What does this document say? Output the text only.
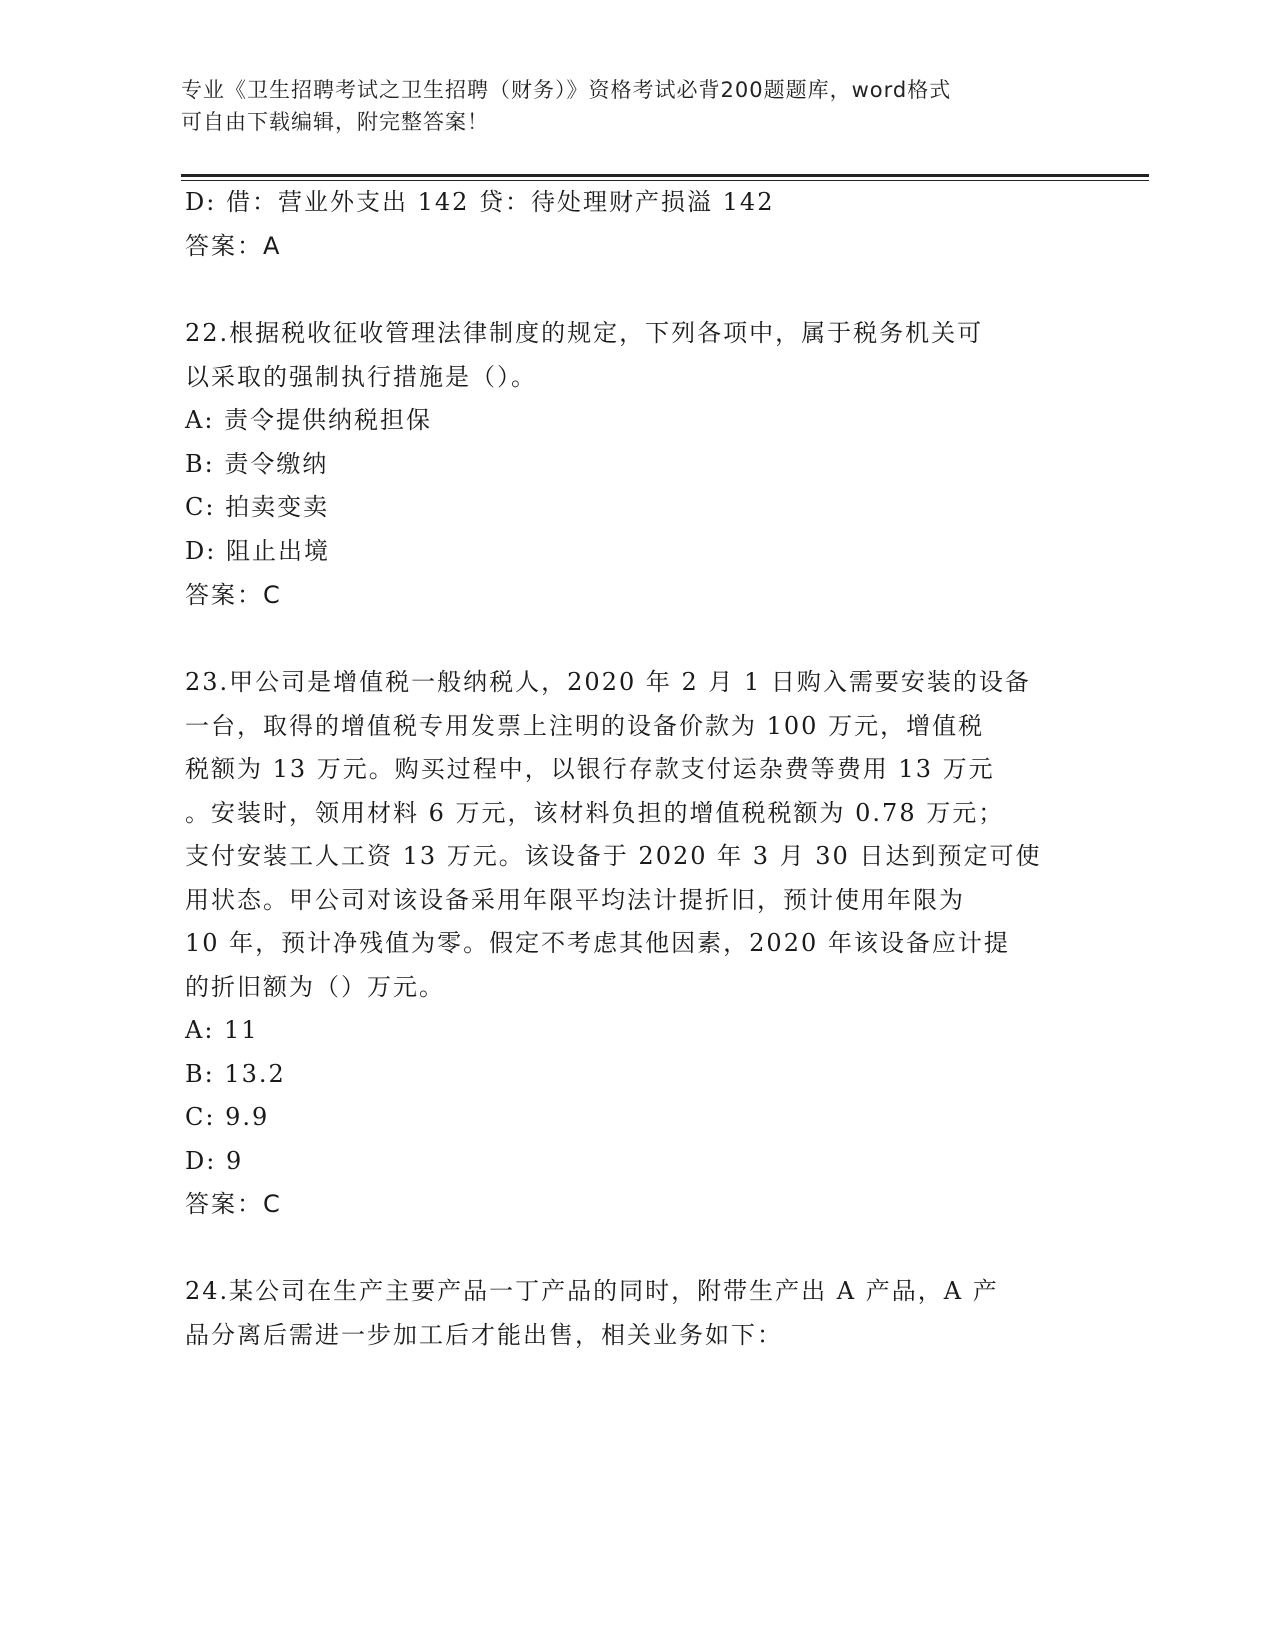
专业《卫生招聘考试之卫生招聘（财务）》资格考试必背200题题库，word格式
可自由下载编辑，附完整答案！
D: 借：营业外支出 142 贷：待处理财产损溢 142
答案：A
22.根据税收征收管理法律制度的规定，下列各项中，属于税务机关可
以采取的强制执行措施是（）。
A: 责令提供纳税担保
B: 责令缴纳
C: 拍卖变卖
D: 阻止出境
答案：C
23.甲公司是增值税一般纳税人，2020 年 2 月 1 日购入需要安装的设备
一台，取得的增值税专用发票上注明的设备价款为 100 万元，增值税
税额为 13 万元。购买过程中，以银行存款支付运杂费等费用 13 万元
。安装时，领用材料 6 万元，该材料负担的增值税税额为 0.78 万元；
支付安装工人工资 13 万元。该设备于 2020 年 3 月 30 日达到预定可使
用状态。甲公司对该设备采用年限平均法计提折旧，预计使用年限为
10 年，预计净残值为零。假定不考虑其他因素，2020 年该设备应计提
的折旧额为（）万元。
A: 11
B: 13.2
C: 9.9
D: 9
答案：C
24.某公司在生产主要产品一丁产品的同时，附带生产出 A 产品，A 产
品分离后需进一步加工后才能出售，相关业务如下：
